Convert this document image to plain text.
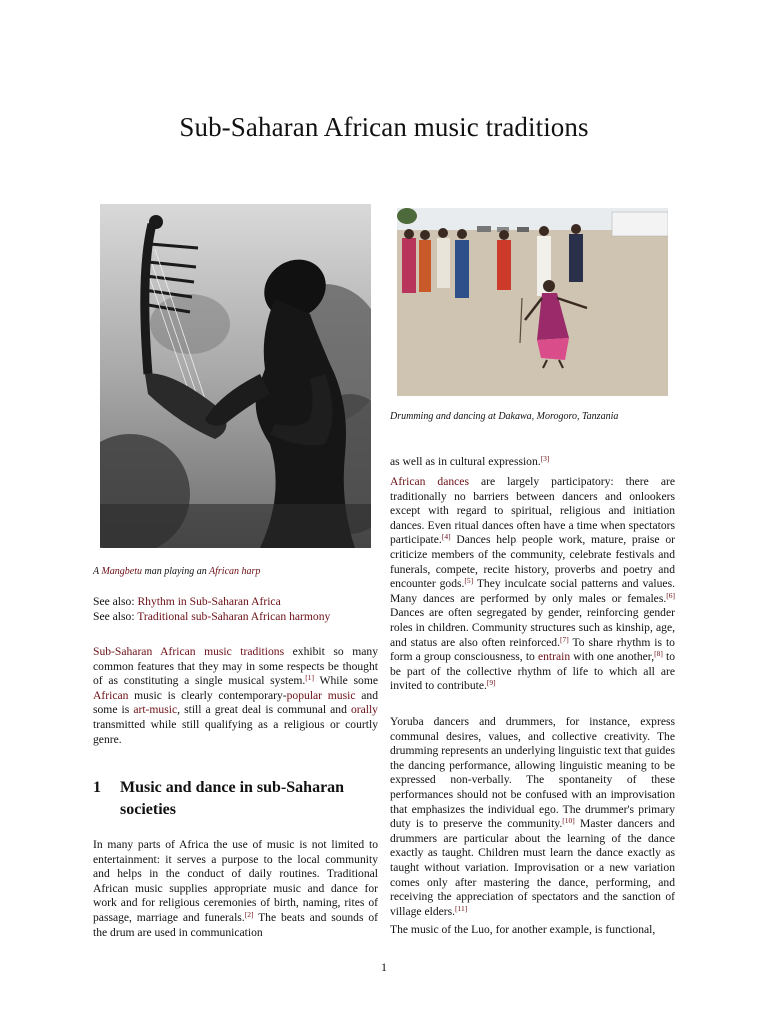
Sub-Saharan African music traditions
A Mangbetu man playing an African harp
Drumming and dancing at Dakawa, Morogoro, Tanzania
See also: Rhythm in Sub-Saharan Africa
See also: Traditional sub-Saharan African harmony

Sub-Saharan African music traditions exhibit so many common features that they may in some respects be thought of as constituting a single musical system.[1] While some African music is clearly contemporary-popular music and some is art-music, still a great deal is communal and orally transmitted while still qualifying as a religious or courtly genre.

1 Music and dance in sub-Saharan societies

In many parts of Africa the use of music is not limited to entertainment: it serves a purpose to the local community and helps in the conduct of daily routines. Traditional African music supplies appropriate music and dance for work and for religious ceremonies of birth, naming, rites of passage, marriage and funerals.[2] The beats and sounds of the drum are used in communication

as well as in cultural expression.[3]

African dances are largely participatory: there are traditionally no barriers between dancers and onlookers except with regard to spiritual, religious and initiation dances. Even ritual dances often have a time when spectators participate.[4] Dances help people work, mature, praise or criticize members of the community, celebrate festivals and funerals, compete, recite history, proverbs and poetry and encounter gods.[5] They inculcate social patterns and values. Many dances are performed by only males or females.[6] Dances are often segregated by gender, reinforcing gender roles in children. Community structures such as kinship, age, and status are also often reinforced.[7] To share rhythm is to form a group consciousness, to entrain with one another,[8] to be part of the collective rhythm of life to which all are invited to contribute.[9]

Yoruba dancers and drummers, for instance, express communal desires, values, and collective creativity. The drumming represents an underlying linguistic text that guides the dancing performance, allowing linguistic meaning to be expressed non-verbally. The spontaneity of these performances should not be confused with an improvisation that emphasizes the individual ego. The drummer's primary duty is to preserve the community.[10] Master dancers and drummers are particular about the learning of the dance exactly as taught. Children must learn the dance exactly as taught without variation. Improvisation or a new variation comes only after mastering the dance, performing, and receiving the appreciation of spectators and the sanction of village elders.[11]

The music of the Luo, for another example, is functional,

1
